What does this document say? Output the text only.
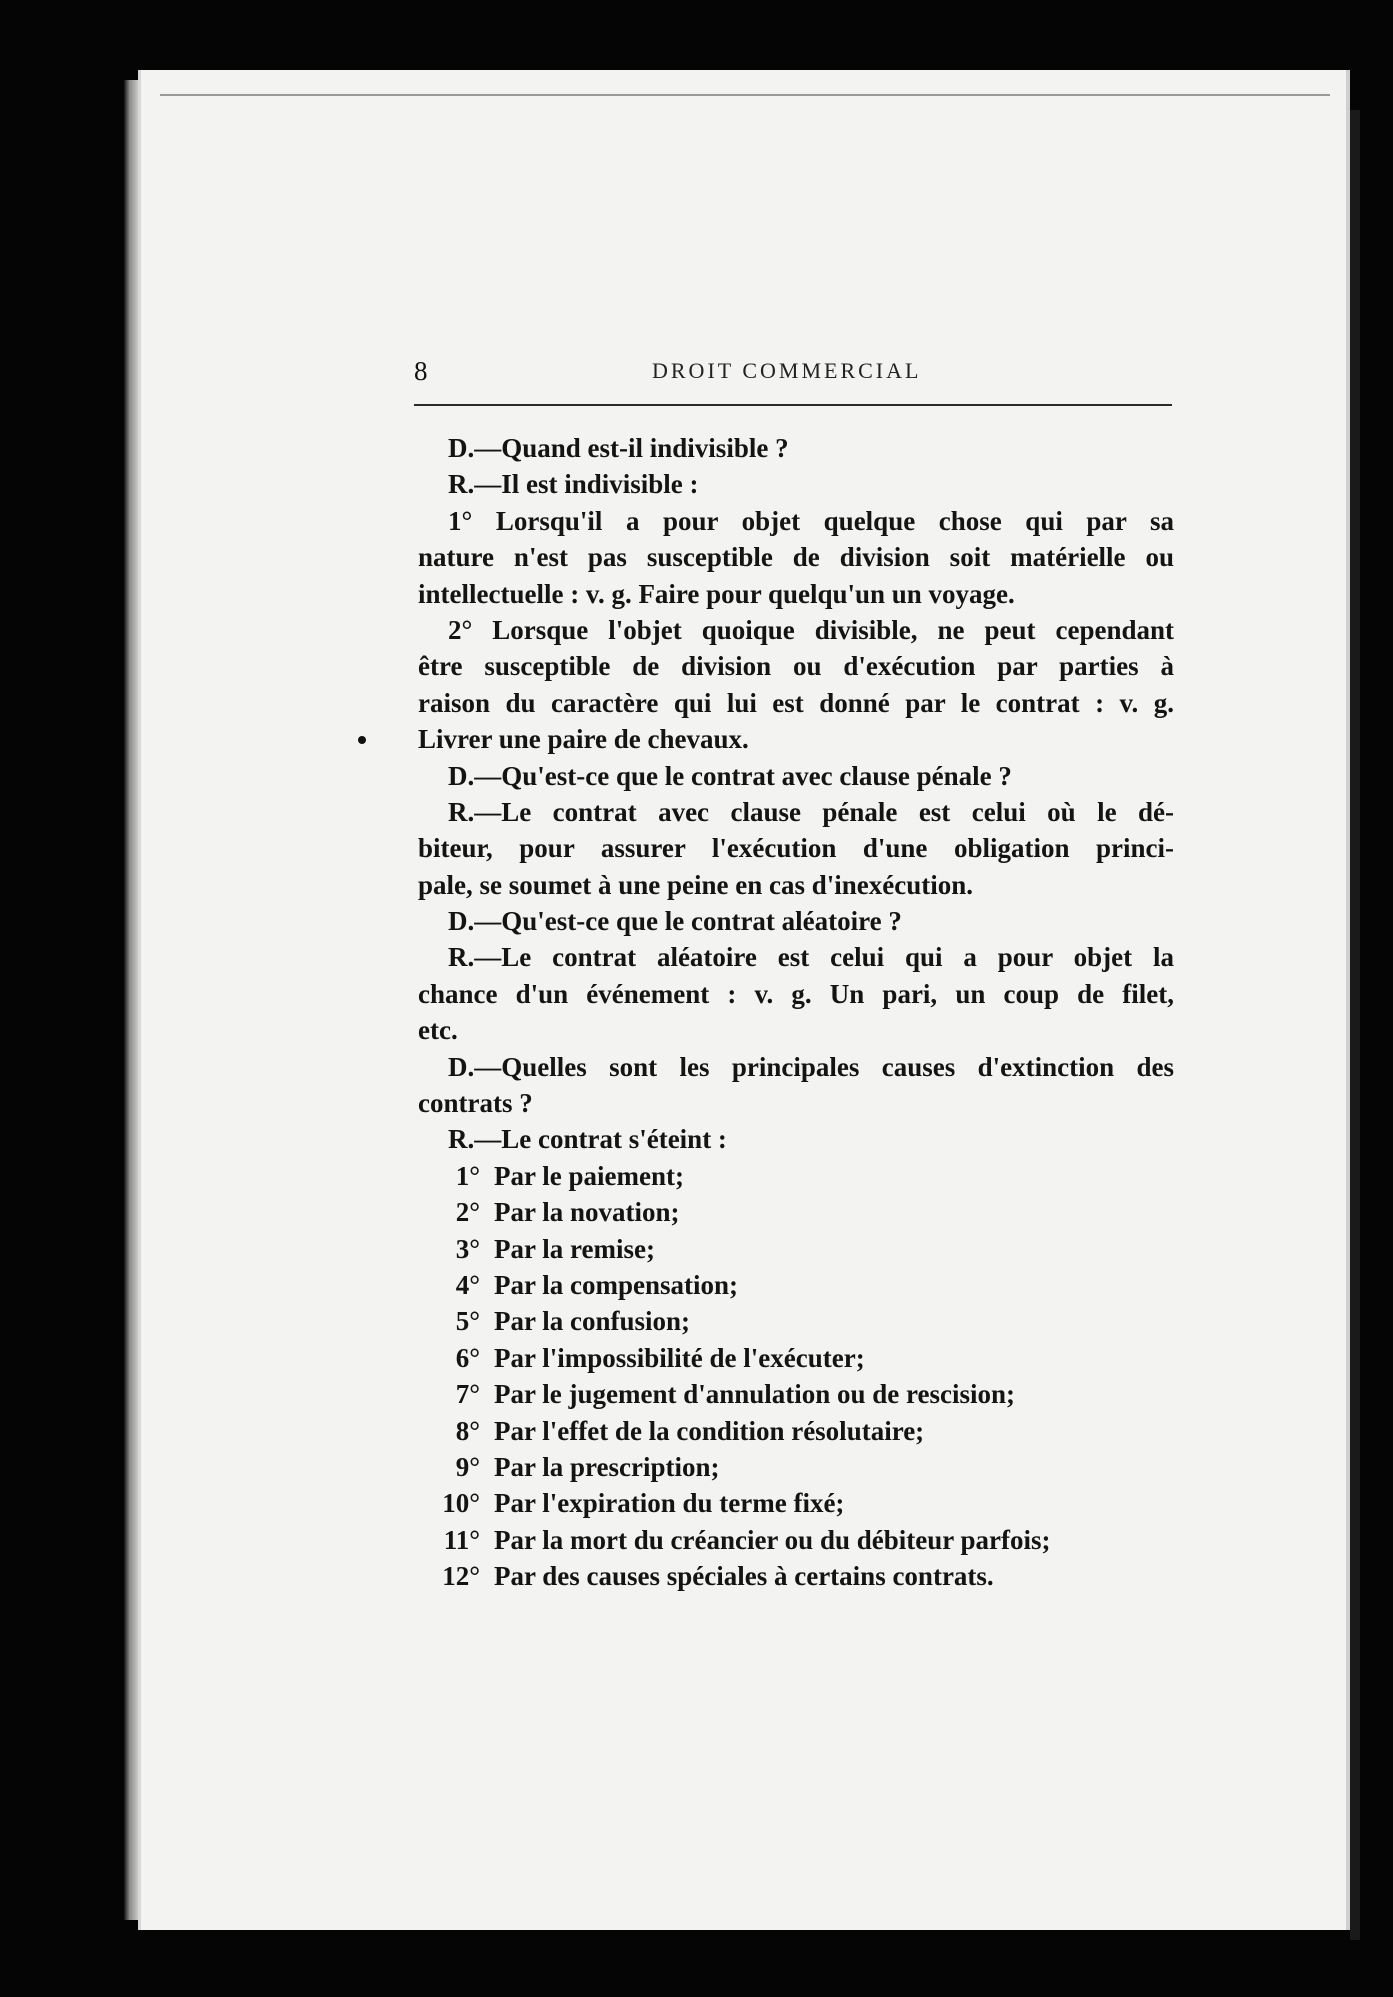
8	DROIT COMMERCIAL
D.—Quand est-il indivisible ?
R.—Il est indivisible :
1° Lorsqu'il a pour objet quelque chose qui par sa
nature n'est pas susceptible de division soit matérielle ou
intellectuelle : v. g. Faire pour quelqu'un un voyage.
2° Lorsque l'objet quoique divisible, ne peut cependant
être susceptible de division ou d'exécution par parties à
raison du caractère qui lui est donné par le contrat : v. g.
Livrer une paire de chevaux.
D.—Qu'est-ce que le contrat avec clause pénale ?
R.—Le contrat avec clause pénale est celui où le dé-
biteur, pour assurer l'exécution d'une obligation princi-
pale, se soumet à une peine en cas d'inexécution.
D.—Qu'est-ce que le contrat aléatoire ?
R.—Le contrat aléatoire est celui qui a pour objet la
chance d'un événement : v. g. Un pari, un coup de filet,
etc.
D.—Quelles sont les principales causes d'extinction des
contrats ?
R.—Le contrat s'éteint :
1° Par le paiement;
2° Par la novation;
3° Par la remise;
4° Par la compensation;
5° Par la confusion;
6° Par l'impossibilité de l'exécuter;
7° Par le jugement d'annulation ou de rescision;
8° Par l'effet de la condition résolutaire;
9° Par la prescription;
10° Par l'expiration du terme fixé;
11° Par la mort du créancier ou du débiteur parfois;
12° Par des causes spéciales à certains contrats.
